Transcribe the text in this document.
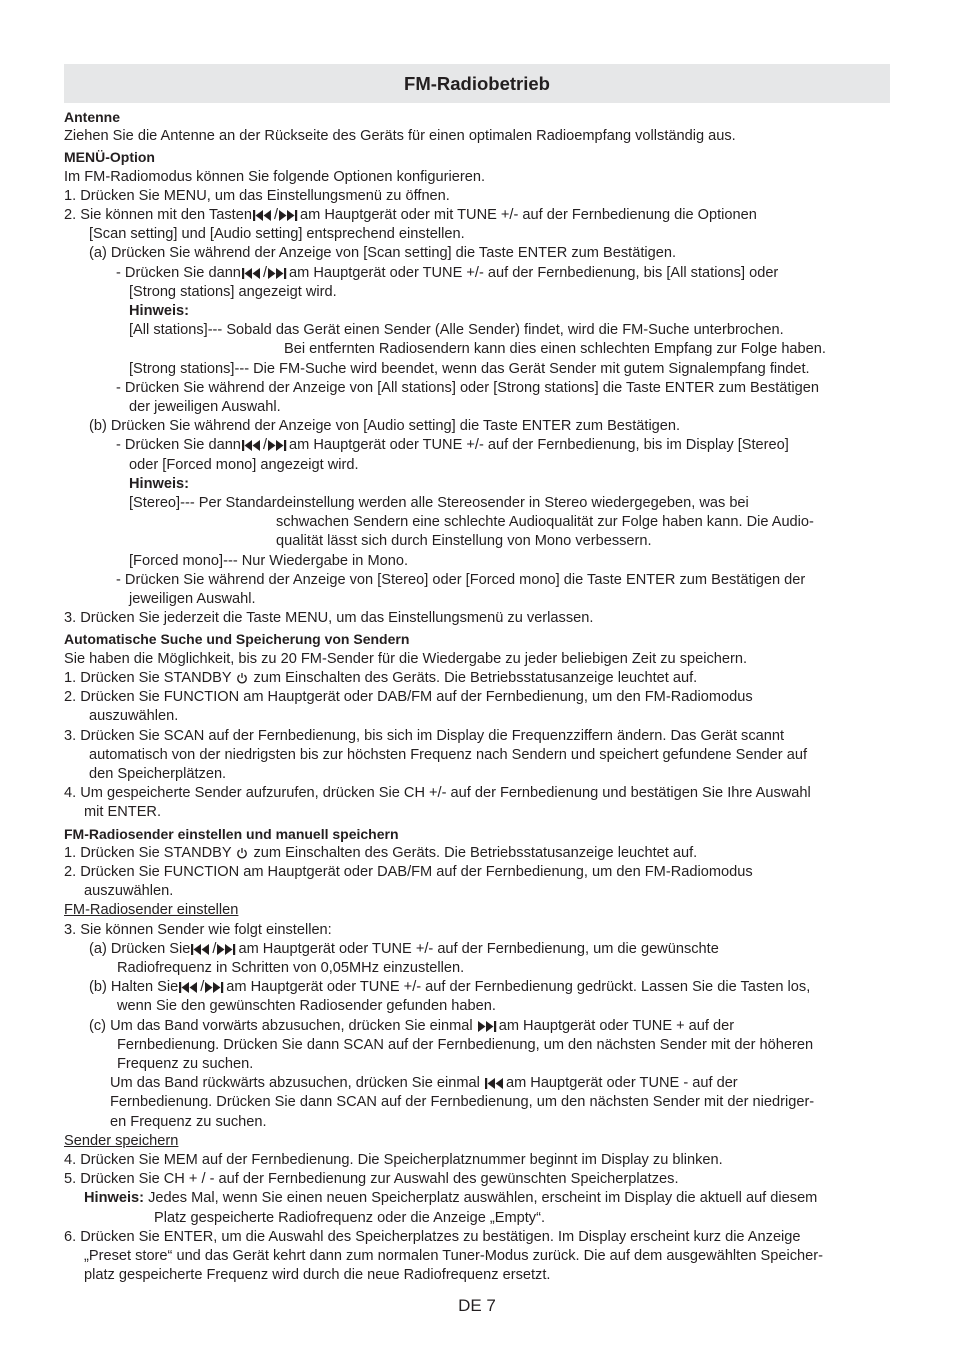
FM-Radiobetrieb

Antenne

Ziehen Sie die Antenne an der Rückseite des Geräts für einen optimalen Radioempfang vollständig aus.

MENÜ-Option

Im FM-Radiomodus können Sie folgende Optionen konfigurieren.

1. Drücken Sie MENU, um das Einstellungsmenü zu öffnen.

2. Sie können mit den Tasten / am Hauptgerät oder mit TUNE +/- auf der Fernbedienung die Optionen

[Scan setting] und [Audio setting] entsprechend einstellen.

(a) Drücken Sie während der Anzeige von [Scan setting] die Taste ENTER zum Bestätigen.

- Drücken Sie dann / am Hauptgerät oder TUNE +/- auf der Fernbedienung, bis [All stations] oder

[Strong stations] angezeigt wird.

Hinweis:

[All stations]--- Sobald das Gerät einen Sender (Alle Sender) findet, wird die FM-Suche unterbrochen.

Bei entfernten Radiosendern kann dies einen schlechten Empfang zur Folge haben.

[Strong stations]--- Die FM-Suche wird beendet, wenn das Gerät Sender mit gutem Signalempfang findet.

- Drücken Sie während der Anzeige von [All stations] oder [Strong stations] die Taste ENTER zum Bestätigen

der jeweiligen Auswahl.

(b) Drücken Sie während der Anzeige von [Audio setting] die Taste ENTER zum Bestätigen.

- Drücken Sie dann / am Hauptgerät oder TUNE +/- auf der Fernbedienung, bis im Display [Stereo]

oder [Forced mono] angezeigt wird.

Hinweis:

[Stereo]--- Per Standardeinstellung werden alle Stereosender in Stereo wiedergegeben, was bei

schwachen Sendern eine schlechte Audioqualität zur Folge haben kann. Die Audio-

qualität lässt sich durch Einstellung von Mono verbessern.

[Forced mono]--- Nur Wiedergabe in Mono.

- Drücken Sie während der Anzeige von [Stereo] oder [Forced mono] die Taste ENTER zum Bestätigen der

jeweiligen Auswahl.

3. Drücken Sie jederzeit die Taste MENU, um das Einstellungsmenü zu verlassen.

Automatische Suche und Speicherung von Sendern

Sie haben die Möglichkeit, bis zu 20 FM-Sender für die Wiedergabe zu jeder beliebigen Zeit zu speichern.

1. Drücken Sie STANDBY zum Einschalten des Geräts. Die Betriebsstatusanzeige leuchtet auf.

2. Drücken Sie FUNCTION am Hauptgerät oder DAB/FM auf der Fernbedienung, um den FM-Radiomodus

auszuwählen.

3. Drücken Sie SCAN auf der Fernbedienung, bis sich im Display die Frequenzziffern ändern. Das Gerät scannt

automatisch von der niedrigsten bis zur höchsten Frequenz nach Sendern und speichert gefundene Sender auf

den Speicherplätzen.

4. Um gespeicherte Sender aufzurufen, drücken Sie CH +/- auf der Fernbedienung und bestätigen Sie Ihre Auswahl

mit ENTER.

FM-Radiosender einstellen und manuell speichern

1. Drücken Sie STANDBY zum Einschalten des Geräts. Die Betriebsstatusanzeige leuchtet auf.

2. Drücken Sie FUNCTION am Hauptgerät oder DAB/FM auf der Fernbedienung, um den FM-Radiomodus

auszuwählen.

FM-Radiosender einstellen

3. Sie können Sender wie folgt einstellen:

(a) Drücken Sie / am Hauptgerät oder TUNE +/- auf der Fernbedienung, um die gewünschte

Radiofrequenz in Schritten von 0,05MHz einzustellen.

(b) Halten Sie / am Hauptgerät oder TUNE +/- auf der Fernbedienung gedrückt. Lassen Sie die Tasten los,

wenn Sie den gewünschten Radiosender gefunden haben.

(c) Um das Band vorwärts abzusuchen, drücken Sie einmal am Hauptgerät oder TUNE + auf der

Fernbedienung. Drücken Sie dann SCAN auf der Fernbedienung, um den nächsten Sender mit der höheren

Frequenz zu suchen.

Um das Band rückwärts abzusuchen, drücken Sie einmal am Hauptgerät oder TUNE - auf der

Fernbedienung. Drücken Sie dann SCAN auf der Fernbedienung, um den nächsten Sender mit der niedriger-

en Frequenz zu suchen.

Sender speichern

4. Drücken Sie MEM auf der Fernbedienung. Die Speicherplatznummer beginnt im Display zu blinken.

5. Drücken Sie CH + / - auf der Fernbedienung zur Auswahl des gewünschten Speicherplatzes.

Hinweis: Jedes Mal, wenn Sie einen neuen Speicherplatz auswählen, erscheint im Display die aktuell auf diesem

Platz gespeicherte Radiofrequenz oder die Anzeige „Empty“.

6. Drücken Sie ENTER, um die Auswahl des Speicherplatzes zu bestätigen. Im Display erscheint kurz die Anzeige

„Preset store“ und das Gerät kehrt dann zum normalen Tuner-Modus zurück. Die auf dem ausgewählten Speicher-

platz gespeicherte Frequenz wird durch die neue Radiofrequenz ersetzt.

DE 7
